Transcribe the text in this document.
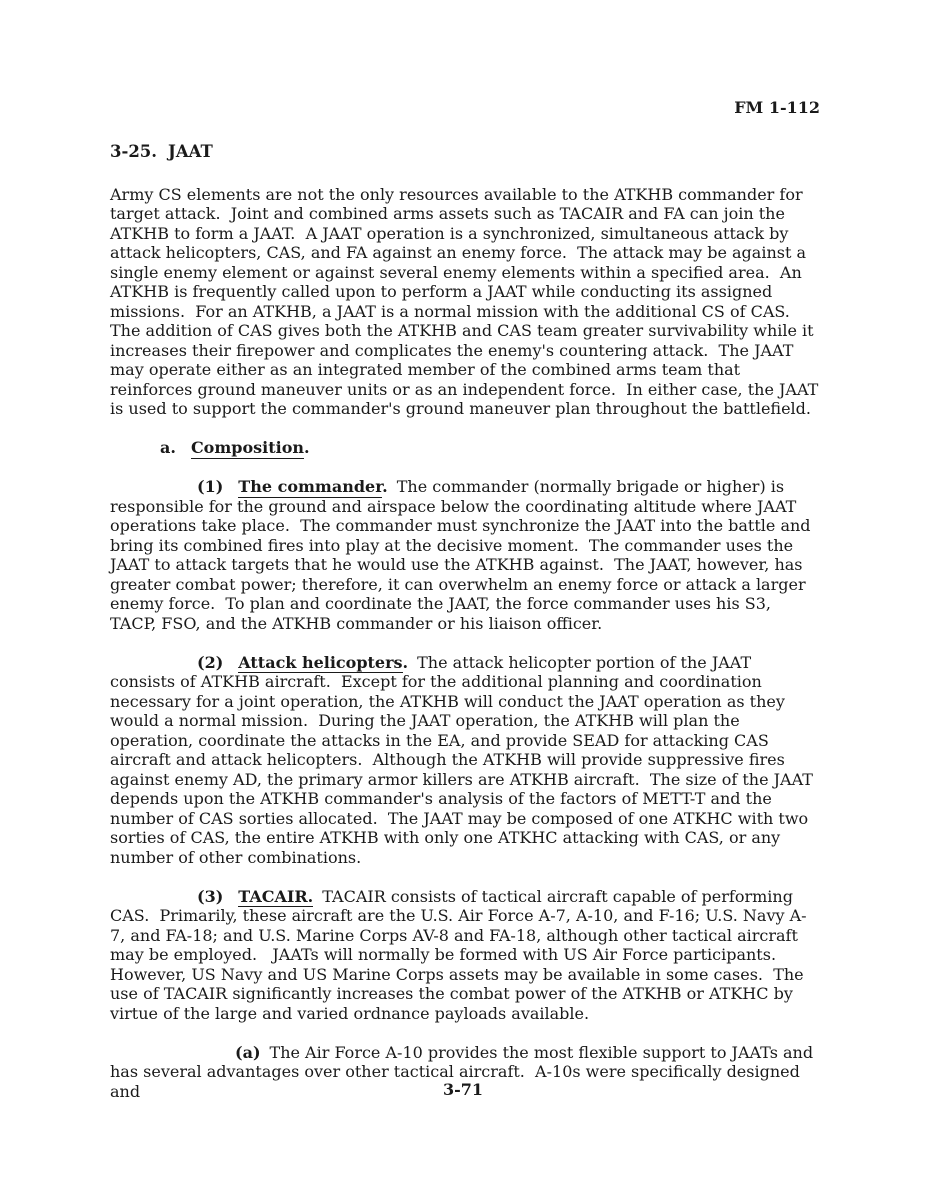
FM 1-112
3-25. JAAT

Army CS elements are not the only resources available to the ATKHB commander for target attack.  Joint and combined arms assets such as TACAIR and FA can join the ATKHB to form a JAAT.  A JAAT operation is a synchronized, simultaneous attack by attack helicopters, CAS, and FA against an enemy force.  The attack may be against a single enemy element or against several enemy elements within a specified area.  An ATKHB is frequently called upon to perform a JAAT while conducting its assigned missions.  For an ATKHB, a JAAT is a normal mission with the additional CS of CAS.  The addition of CAS gives both the ATKHB and CAS team greater survivability while it increases their firepower and complicates the enemy's countering attack.  The JAAT may operate either as an integrated member of the combined arms team that reinforces ground maneuver units or as an independent force.  In either case, the JAAT is used to support the commander's ground maneuver plan throughout the battlefield.

a. Composition.

(1) The commander. The commander (normally brigade or higher) is responsible for the ground and airspace below the coordinating altitude where JAAT operations take place.  The commander must synchronize the JAAT into the battle and bring its combined fires into play at the decisive moment.  The commander uses the JAAT to attack targets that he would use the ATKHB against.  The JAAT, however, has greater combat power; therefore, it can overwhelm an enemy force or attack a larger enemy force.  To plan and coordinate the JAAT, the force commander uses his S3, TACP, FSO, and the ATKHB commander or his liaison officer.

(2) Attack helicopters. The attack helicopter portion of the JAAT consists of ATKHB aircraft.  Except for the additional planning and coordination necessary for a joint operation, the ATKHB will conduct the JAAT operation as they would a normal mission.  During the JAAT operation, the ATKHB will plan the operation, coordinate the attacks in the EA, and provide SEAD for attacking CAS aircraft and attack helicopters.  Although the ATKHB will provide suppressive fires against enemy AD, the primary armor killers are ATKHB aircraft.  The size of the JAAT depends upon the ATKHB commander's analysis of the factors of METT-T and the number of CAS sorties allocated.  The JAAT may be composed of one ATKHC with two sorties of CAS, the entire ATKHB with only one ATKHC attacking with CAS, or any number of other combinations.

(3) TACAIR. TACAIR consists of tactical aircraft capable of performing CAS.  Primarily, these aircraft are the U.S. Air Force A-7, A-10, and F-16; U.S. Navy A-7, and FA-18; and U.S. Marine Corps AV-8 and FA-18, although other tactical aircraft may be employed.   JAATs will normally be formed with US Air Force participants.  However, US Navy and US Marine Corps assets may be available in some cases.  The use of TACAIR significantly increases the combat power of the ATKHB or ATKHC by virtue of the large and varied ordnance payloads available.

(a) The Air Force A-10 provides the most flexible support to JAATs and has several advantages over other tactical aircraft.  A-10s were specifically designed and	3-71
